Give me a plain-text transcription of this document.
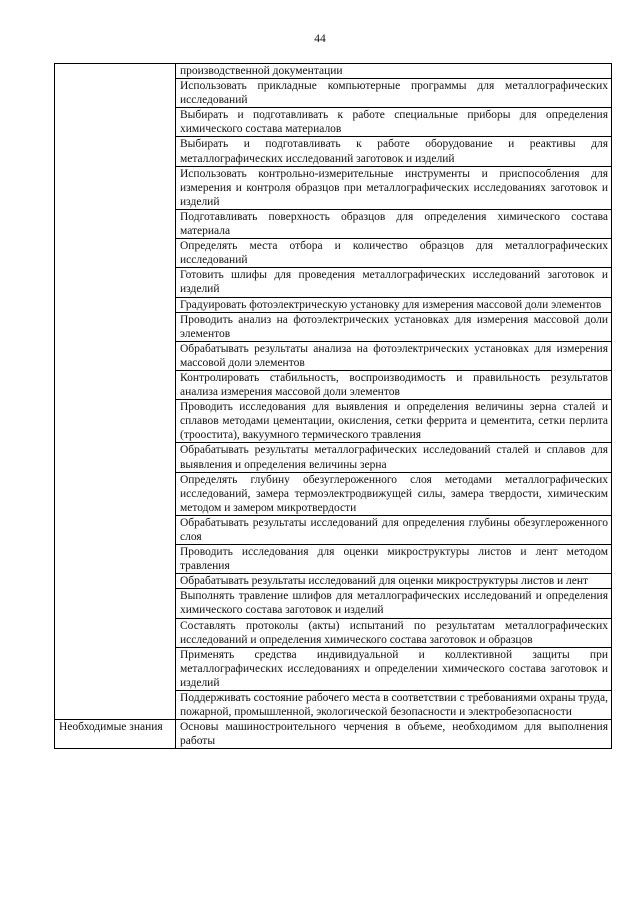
44
	производственной документации
	Использовать прикладные компьютерные программы для металлографических исследований
	Выбирать и подготавливать к работе специальные приборы для определения химического состава материалов
	Выбирать и подготавливать к работе оборудование и реактивы для металлографических исследований заготовок и изделий
	Использовать контрольно-измерительные инструменты и приспособления для измерения и контроля образцов при металлографических исследованиях заготовок и изделий
	Подготавливать поверхность образцов для определения химического состава материала
	Определять места отбора и количество образцов для металлографических исследований
	Готовить шлифы для проведения металлографических исследований заготовок и изделий
	Градуировать фотоэлектрическую установку для измерения массовой доли элементов
	Проводить анализ на фотоэлектрических установках для измерения массовой доли элементов
	Обрабатывать результаты анализа на фотоэлектрических установках для измерения массовой доли элементов
	Контролировать стабильность, воспроизводимость и правильность результатов анализа измерения массовой доли элементов
	Проводить исследования для выявления и определения величины зерна сталей и сплавов методами цементации, окисления, сетки феррита и цементита, сетки перлита (троостита), вакуумного термического травления
	Обрабатывать результаты металлографических исследований сталей и сплавов для выявления и определения величины зерна
	Определять глубину обезуглероженного слоя методами металлографических исследований, замера термоэлектродвижущей силы, замера твердости, химическим методом и замером микротвердости
	Обрабатывать результаты исследований для определения глубины обезуглероженного слоя
	Проводить исследования для оценки микроструктуры листов и лент методом травления
	Обрабатывать результаты исследований для оценки микроструктуры листов и лент
	Выполнять травление шлифов для металлографических исследований и определения химического состава заготовок и изделий
	Составлять протоколы (акты) испытаний по результатам металлографических исследований и определения химического состава заготовок и образцов
	Применять средства индивидуальной и коллективной защиты при металлографических исследованиях и определении химического состава заготовок и изделий
	Поддерживать состояние рабочего места в соответствии с требованиями охраны труда, пожарной, промышленной, экологической безопасности и электробезопасности
Необходимые знания	Основы машиностроительного черчения в объеме, необходимом для выполнения работы
